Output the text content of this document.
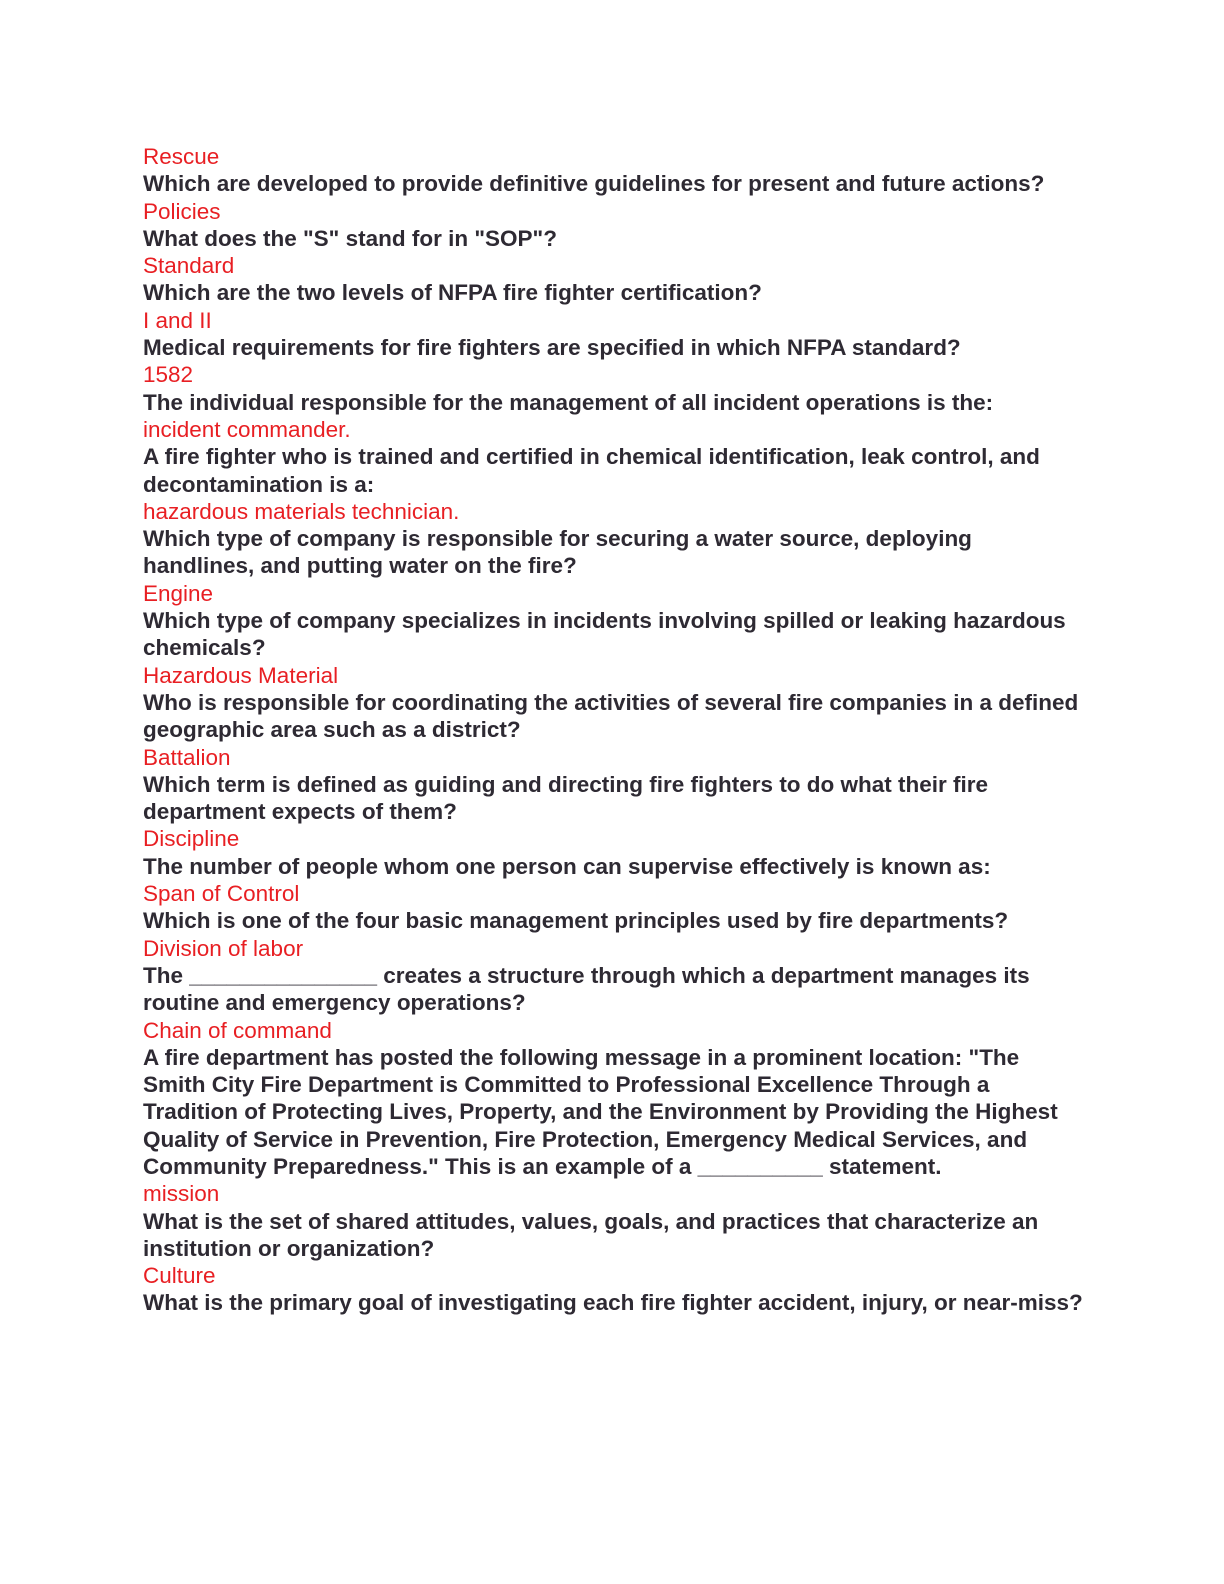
Rescue

Which are developed to provide definitive guidelines for present and future actions?

Policies

What does the "S" stand for in "SOP"?

Standard

Which are the two levels of NFPA fire fighter certification?

I and II

Medical requirements for fire fighters are specified in which NFPA standard?

1582

The individual responsible for the management of all incident operations is the:

incident commander.

A fire fighter who is trained and certified in chemical identification, leak control, and decontamination is a:

hazardous materials technician.

Which type of company is responsible for securing a water source, deploying handlines, and putting water on the fire?

Engine

Which type of company specializes in incidents involving spilled or leaking hazardous chemicals?

Hazardous Material

Who is responsible for coordinating the activities of several fire companies in a defined geographic area such as a district?

Battalion

Which term is defined as guiding and directing fire fighters to do what their fire department expects of them?

Discipline

The number of people whom one person can supervise effectively is known as:

Span of Control

Which is one of the four basic management principles used by fire departments?

Division of labor

The _______________ creates a structure through which a department manages its routine and emergency operations?

Chain of command

A fire department has posted the following message in a prominent location: "The Smith City Fire Department is Committed to Professional Excellence Through a Tradition of Protecting Lives, Property, and the Environment by Providing the Highest Quality of Service in Prevention, Fire Protection, Emergency Medical Services, and Community Preparedness." This is an example of a __________ statement.

mission

What is the set of shared attitudes, values, goals, and practices that characterize an institution or organization?

Culture

What is the primary goal of investigating each fire fighter accident, injury, or near-miss?
